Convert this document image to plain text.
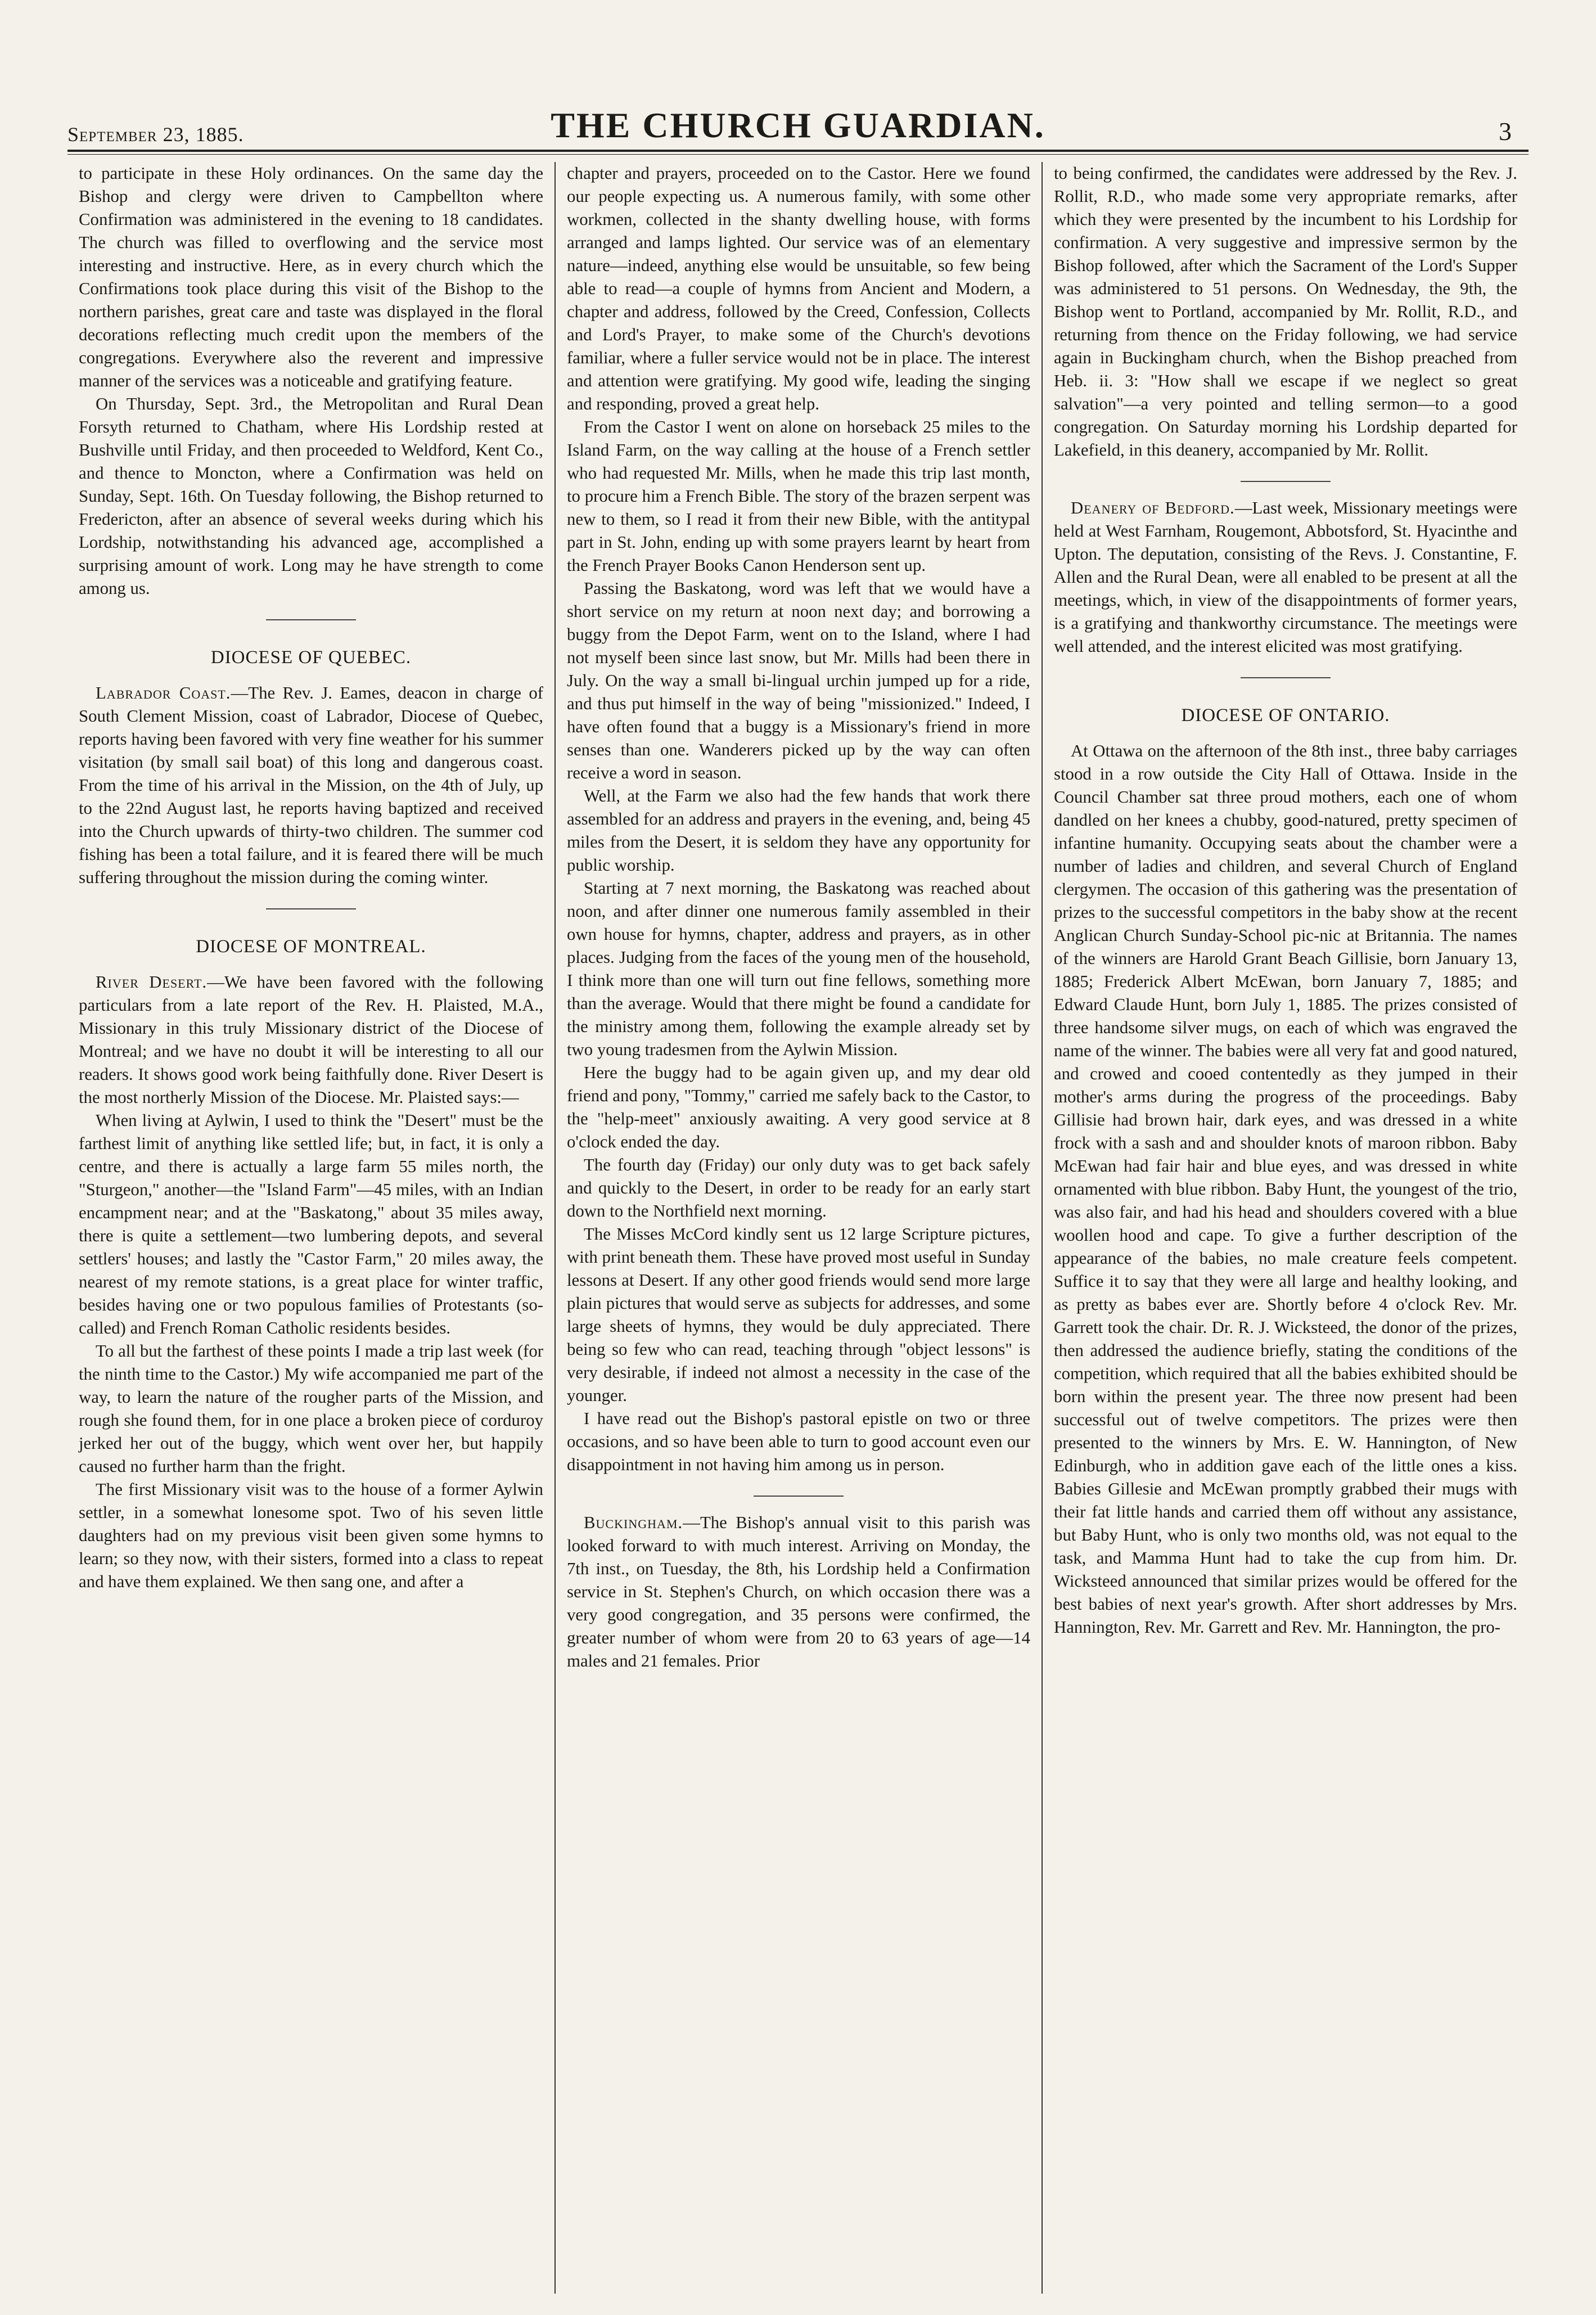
September 23, 1885.	THE CHURCH GUARDIAN.	3

to participate in these Holy ordinances. On the same day the Bishop and clergy were driven to Campbellton where Confirmation was administered in the evening to 18 candidates. The church was filled to overflowing and the service most interesting and instructive. Here, as in every church which the Confirmations took place during this visit of the Bishop to the northern parishes, great care and taste was displayed in the floral decorations reflecting much credit upon the members of the congregations. Everywhere also the reverent and impressive manner of the services was a noticeable and gratifying feature.

On Thursday, Sept. 3rd., the Metropolitan and Rural Dean Forsyth returned to Chatham, where His Lordship rested at Bushville until Friday, and then proceeded to Weldford, Kent Co., and thence to Moncton, where a Confirmation was held on Sunday, Sept. 16th. On Tuesday following, the Bishop returned to Fredericton, after an absence of several weeks during which his Lordship, notwithstanding his advanced age, accomplished a surprising amount of work. Long may he have strength to come among us.

DIOCESE OF QUEBEC.

Labrador Coast.—The Rev. J. Eames, deacon in charge of South Clement Mission, coast of Labrador, Diocese of Quebec, reports having been favored with very fine weather for his summer visitation (by small sail boat) of this long and dangerous coast. From the time of his arrival in the Mission, on the 4th of July, up to the 22nd August last, he reports having baptized and received into the Church upwards of thirty-two children. The summer cod fishing has been a total failure, and it is feared there will be much suffering throughout the mission during the coming winter.

DIOCESE OF MONTREAL.

River Desert.—We have been favored with the following particulars from a late report of the Rev. H. Plaisted, M.A., Missionary in this truly Missionary district of the Diocese of Montreal; and we have no doubt it will be interesting to all our readers. It shows good work being faithfully done. River Desert is the most northerly Mission of the Diocese. Mr. Plaisted says:—

When living at Aylwin, I used to think the "Desert" must be the farthest limit of anything like settled life; but, in fact, it is only a centre, and there is actually a large farm 55 miles north, the "Sturgeon," another—the "Island Farm"—45 miles, with an Indian encampment near; and at the "Baskatong," about 35 miles away, there is quite a settlement—two lumbering depots, and several settlers' houses; and lastly the "Castor Farm," 20 miles away, the nearest of my remote stations, is a great place for winter traffic, besides having one or two populous families of Protestants (so-called) and French Roman Catholic residents besides.

To all but the farthest of these points I made a trip last week (for the ninth time to the Castor.) My wife accompanied me part of the way, to learn the nature of the rougher parts of the Mission, and rough she found them, for in one place a broken piece of corduroy jerked her out of the buggy, which went over her, but happily caused no further harm than the fright.

The first Missionary visit was to the house of a former Aylwin settler, in a somewhat lonesome spot. Two of his seven little daughters had on my previous visit been given some hymns to learn; so they now, with their sisters, formed into a class to repeat and have them explained. We then sang one, and after a

chapter and prayers, proceeded on to the Castor. Here we found our people expecting us. A numerous family, with some other workmen, collected in the shanty dwelling house, with forms arranged and lamps lighted. Our service was of an elementary nature—indeed, anything else would be unsuitable, so few being able to read—a couple of hymns from Ancient and Modern, a chapter and address, followed by the Creed, Confession, Collects and Lord's Prayer, to make some of the Church's devotions familiar, where a fuller service would not be in place. The interest and attention were gratifying. My good wife, leading the singing and responding, proved a great help.

From the Castor I went on alone on horseback 25 miles to the Island Farm, on the way calling at the house of a French settler who had requested Mr. Mills, when he made this trip last month, to procure him a French Bible. The story of the brazen serpent was new to them, so I read it from their new Bible, with the antitypal part in St. John, ending up with some prayers learnt by heart from the French Prayer Books Canon Henderson sent up.

Passing the Baskatong, word was left that we would have a short service on my return at noon next day; and borrowing a buggy from the Depot Farm, went on to the Island, where I had not myself been since last snow, but Mr. Mills had been there in July. On the way a small bi-lingual urchin jumped up for a ride, and thus put himself in the way of being "missionized." Indeed, I have often found that a buggy is a Missionary's friend in more senses than one. Wanderers picked up by the way can often receive a word in season.

Well, at the Farm we also had the few hands that work there assembled for an address and prayers in the evening, and, being 45 miles from the Desert, it is seldom they have any opportunity for public worship.

Starting at 7 next morning, the Baskatong was reached about noon, and after dinner one numerous family assembled in their own house for hymns, chapter, address and prayers, as in other places. Judging from the faces of the young men of the household, I think more than one will turn out fine fellows, something more than the average. Would that there might be found a candidate for the ministry among them, following the example already set by two young tradesmen from the Aylwin Mission.

Here the buggy had to be again given up, and my dear old friend and pony, "Tommy," carried me safely back to the Castor, to the "help-meet" anxiously awaiting. A very good service at 8 o'clock ended the day.

The fourth day (Friday) our only duty was to get back safely and quickly to the Desert, in order to be ready for an early start down to the Northfield next morning.

The Misses McCord kindly sent us 12 large Scripture pictures, with print beneath them. These have proved most useful in Sunday lessons at Desert. If any other good friends would send more large plain pictures that would serve as subjects for addresses, and some large sheets of hymns, they would be duly appreciated. There being so few who can read, teaching through "object lessons" is very desirable, if indeed not almost a necessity in the case of the younger.

I have read out the Bishop's pastoral epistle on two or three occasions, and so have been able to turn to good account even our disappointment in not having him among us in person.

Buckingham.—The Bishop's annual visit to this parish was looked forward to with much interest. Arriving on Monday, the 7th inst., on Tuesday, the 8th, his Lordship held a Confirmation service in St. Stephen's Church, on which occasion there was a very good congregation, and 35 persons were confirmed, the greater number of whom were from 20 to 63 years of age—14 males and 21 females. Prior

to being confirmed, the candidates were addressed by the Rev. J. Rollit, R.D., who made some very appropriate remarks, after which they were presented by the incumbent to his Lordship for confirmation. A very suggestive and impressive sermon by the Bishop followed, after which the Sacrament of the Lord's Supper was administered to 51 persons. On Wednesday, the 9th, the Bishop went to Portland, accompanied by Mr. Rollit, R.D., and returning from thence on the Friday following, we had service again in Buckingham church, when the Bishop preached from Heb. ii. 3: "How shall we escape if we neglect so great salvation"—a very pointed and telling sermon—to a good congregation. On Saturday morning his Lordship departed for Lakefield, in this deanery, accompanied by Mr. Rollit.

Deanery of Bedford.—Last week, Missionary meetings were held at West Farnham, Rougemont, Abbotsford, St. Hyacinthe and Upton. The deputation, consisting of the Revs. J. Constantine, F. Allen and the Rural Dean, were all enabled to be present at all the meetings, which, in view of the disappointments of former years, is a gratifying and thankworthy circumstance. The meetings were well attended, and the interest elicited was most gratifying.

DIOCESE OF ONTARIO.

At Ottawa on the afternoon of the 8th inst., three baby carriages stood in a row outside the City Hall of Ottawa. Inside in the Council Chamber sat three proud mothers, each one of whom dandled on her knees a chubby, good-natured, pretty specimen of infantine humanity. Occupying seats about the chamber were a number of ladies and children, and several Church of England clergymen. The occasion of this gathering was the presentation of prizes to the successful competitors in the baby show at the recent Anglican Church Sunday-School pic-nic at Britannia. The names of the winners are Harold Grant Beach Gillisie, born January 13, 1885; Frederick Albert McEwan, born January 7, 1885; and Edward Claude Hunt, born July 1, 1885. The prizes consisted of three handsome silver mugs, on each of which was engraved the name of the winner. The babies were all very fat and good natured, and crowed and cooed contentedly as they jumped in their mother's arms during the progress of the proceedings. Baby Gillisie had brown hair, dark eyes, and was dressed in a white frock with a sash and and shoulder knots of maroon ribbon. Baby McEwan had fair hair and blue eyes, and was dressed in white ornamented with blue ribbon. Baby Hunt, the youngest of the trio, was also fair, and had his head and shoulders covered with a blue woollen hood and cape. To give a further description of the appearance of the babies, no male creature feels competent. Suffice it to say that they were all large and healthy looking, and as pretty as babes ever are. Shortly before 4 o'clock Rev. Mr. Garrett took the chair. Dr. R. J. Wicksteed, the donor of the prizes, then addressed the audience briefly, stating the conditions of the competition, which required that all the babies exhibited should be born within the present year. The three now present had been successful out of twelve competitors. The prizes were then presented to the winners by Mrs. E. W. Hannington, of New Edinburgh, who in addition gave each of the little ones a kiss. Babies Gillesie and McEwan promptly grabbed their mugs with their fat little hands and carried them off without any assistance, but Baby Hunt, who is only two months old, was not equal to the task, and Mamma Hunt had to take the cup from him. Dr. Wicksteed announced that similar prizes would be offered for the best babies of next year's growth. After short addresses by Mrs. Hannington, Rev. Mr. Garrett and Rev. Mr. Hannington, the pro-
